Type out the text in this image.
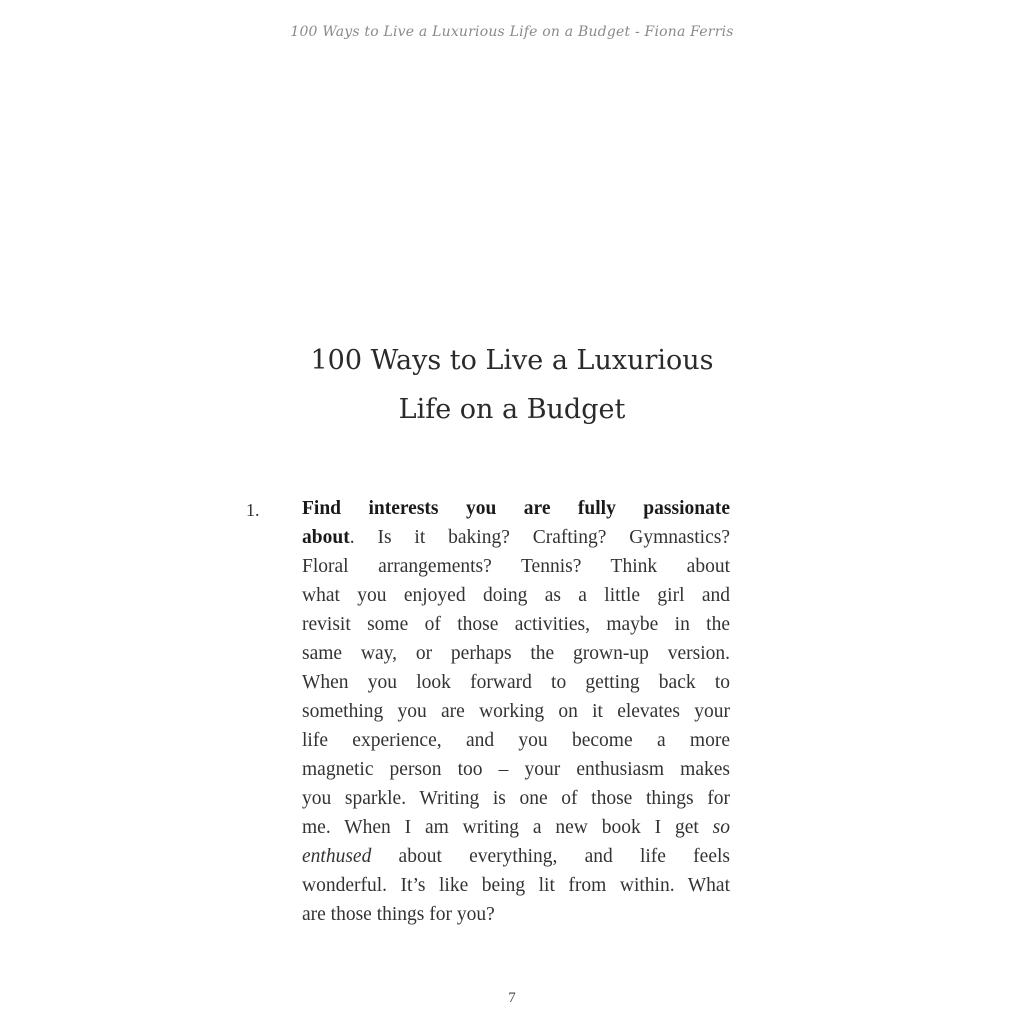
100 Ways to Live a Luxurious Life on a Budget - Fiona Ferris
100 Ways to Live a Luxurious
Life on a Budget
1. Find interests you are fully passionate
about. Is it baking? Crafting? Gymnastics?
Floral arrangements? Tennis? Think about
what you enjoyed doing as a little girl and
revisit some of those activities, maybe in the
same way, or perhaps the grown-up version.
When you look forward to getting back to
something you are working on it elevates your
life experience, and you become a more
magnetic person too – your enthusiasm makes
you sparkle. Writing is one of those things for
me. When I am writing a new book I get so
enthused about everything, and life feels
wonderful. It’s like being lit from within. What
are those things for you?
7
